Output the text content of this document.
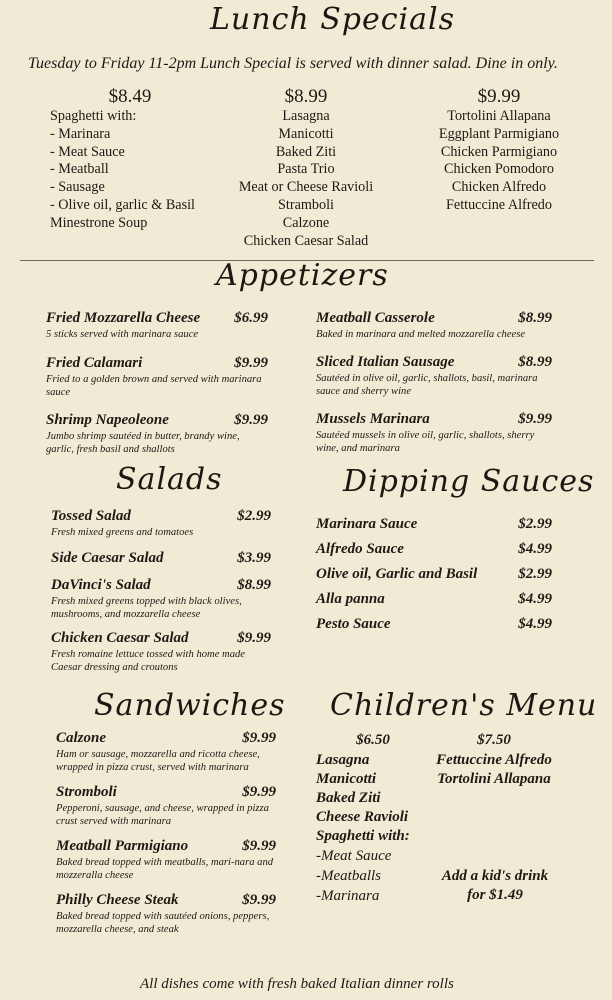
Lunch Specials
Tuesday to Friday 11-2pm Lunch Special is served with dinner salad. Dine in only.
$8.49
Spaghetti with:
- Marinara
- Meat Sauce
- Meatball
- Sausage
- Olive oil, garlic & Basil
Minestrone Soup
$8.99
Lasagna
Manicotti
Baked Ziti
Pasta Trio
Meat or Cheese Ravioli
Stramboli
Calzone
Chicken Caesar Salad
$9.99
Tortolini Allapana
Eggplant Parmigiano
Chicken Parmigiano
Chicken Pomodoro
Chicken Alfredo
Fettuccine Alfredo
Appetizers
Fried Mozzarella Cheese $6.99
5 sticks served with marinara sauce
Fried Calamari	$9.99
Fried to a golden brown and served with marinara sauce
Shrimp Napeoleone	$9.99
Jumbo shrimp sautéed in butter, brandy wine, garlic, fresh basil and shallots
Meatball Casserole	$8.99
Baked in marinara and melted mozzarella cheese
Sliced Italian Sausage	$8.99
Sautéed in olive oil, garlic, shallots, basil, marinara sauce and sherry wine
Mussels Marinara	$9.99
Sautéed mussels in olive oil, garlic, shallots, sherry wine, and marinara
Salads
Tossed Salad	$2.99
Fresh mixed greens and tomatoes
Side Caesar Salad	$3.99
DaVinci's Salad	$8.99
Fresh mixed greens topped with black olives, mushrooms, and mozzarella cheese
Chicken Caesar Salad	$9.99
Fresh romaine lettuce tossed with home made Caesar dressing and croutons
Dipping Sauces
Marinara Sauce	$2.99
Alfredo Sauce	$4.99
Olive oil, Garlic and Basil	$2.99
Alla panna	$4.99
Pesto Sauce	$4.99
Sandwiches
Calzone	$9.99
Ham or sausage, mozzarella and ricotta cheese, wrapped in pizza crust, served with marinara
Stromboli	$9.99
Pepperoni, sausage, and cheese, wrapped in pizza crust served with marinara
Meatball Parmigiano	$9.99
Baked bread topped with meatballs, mari-nara and mozzeralla cheese
Philly Cheese Steak	$9.99
Baked bread topped with sautéed onions, peppers, mozzarella cheese, and steak
Children's Menu
$6.50
Lasagna
Manicotti
Baked Ziti
Cheese Ravioli
Spaghetti with:
-Meat Sauce
-Meatballs
-Marinara
$7.50
Fettuccine Alfredo
Tortolini Allapana
Add a kid's drink
for $1.49
All dishes come with fresh baked Italian dinner rolls
